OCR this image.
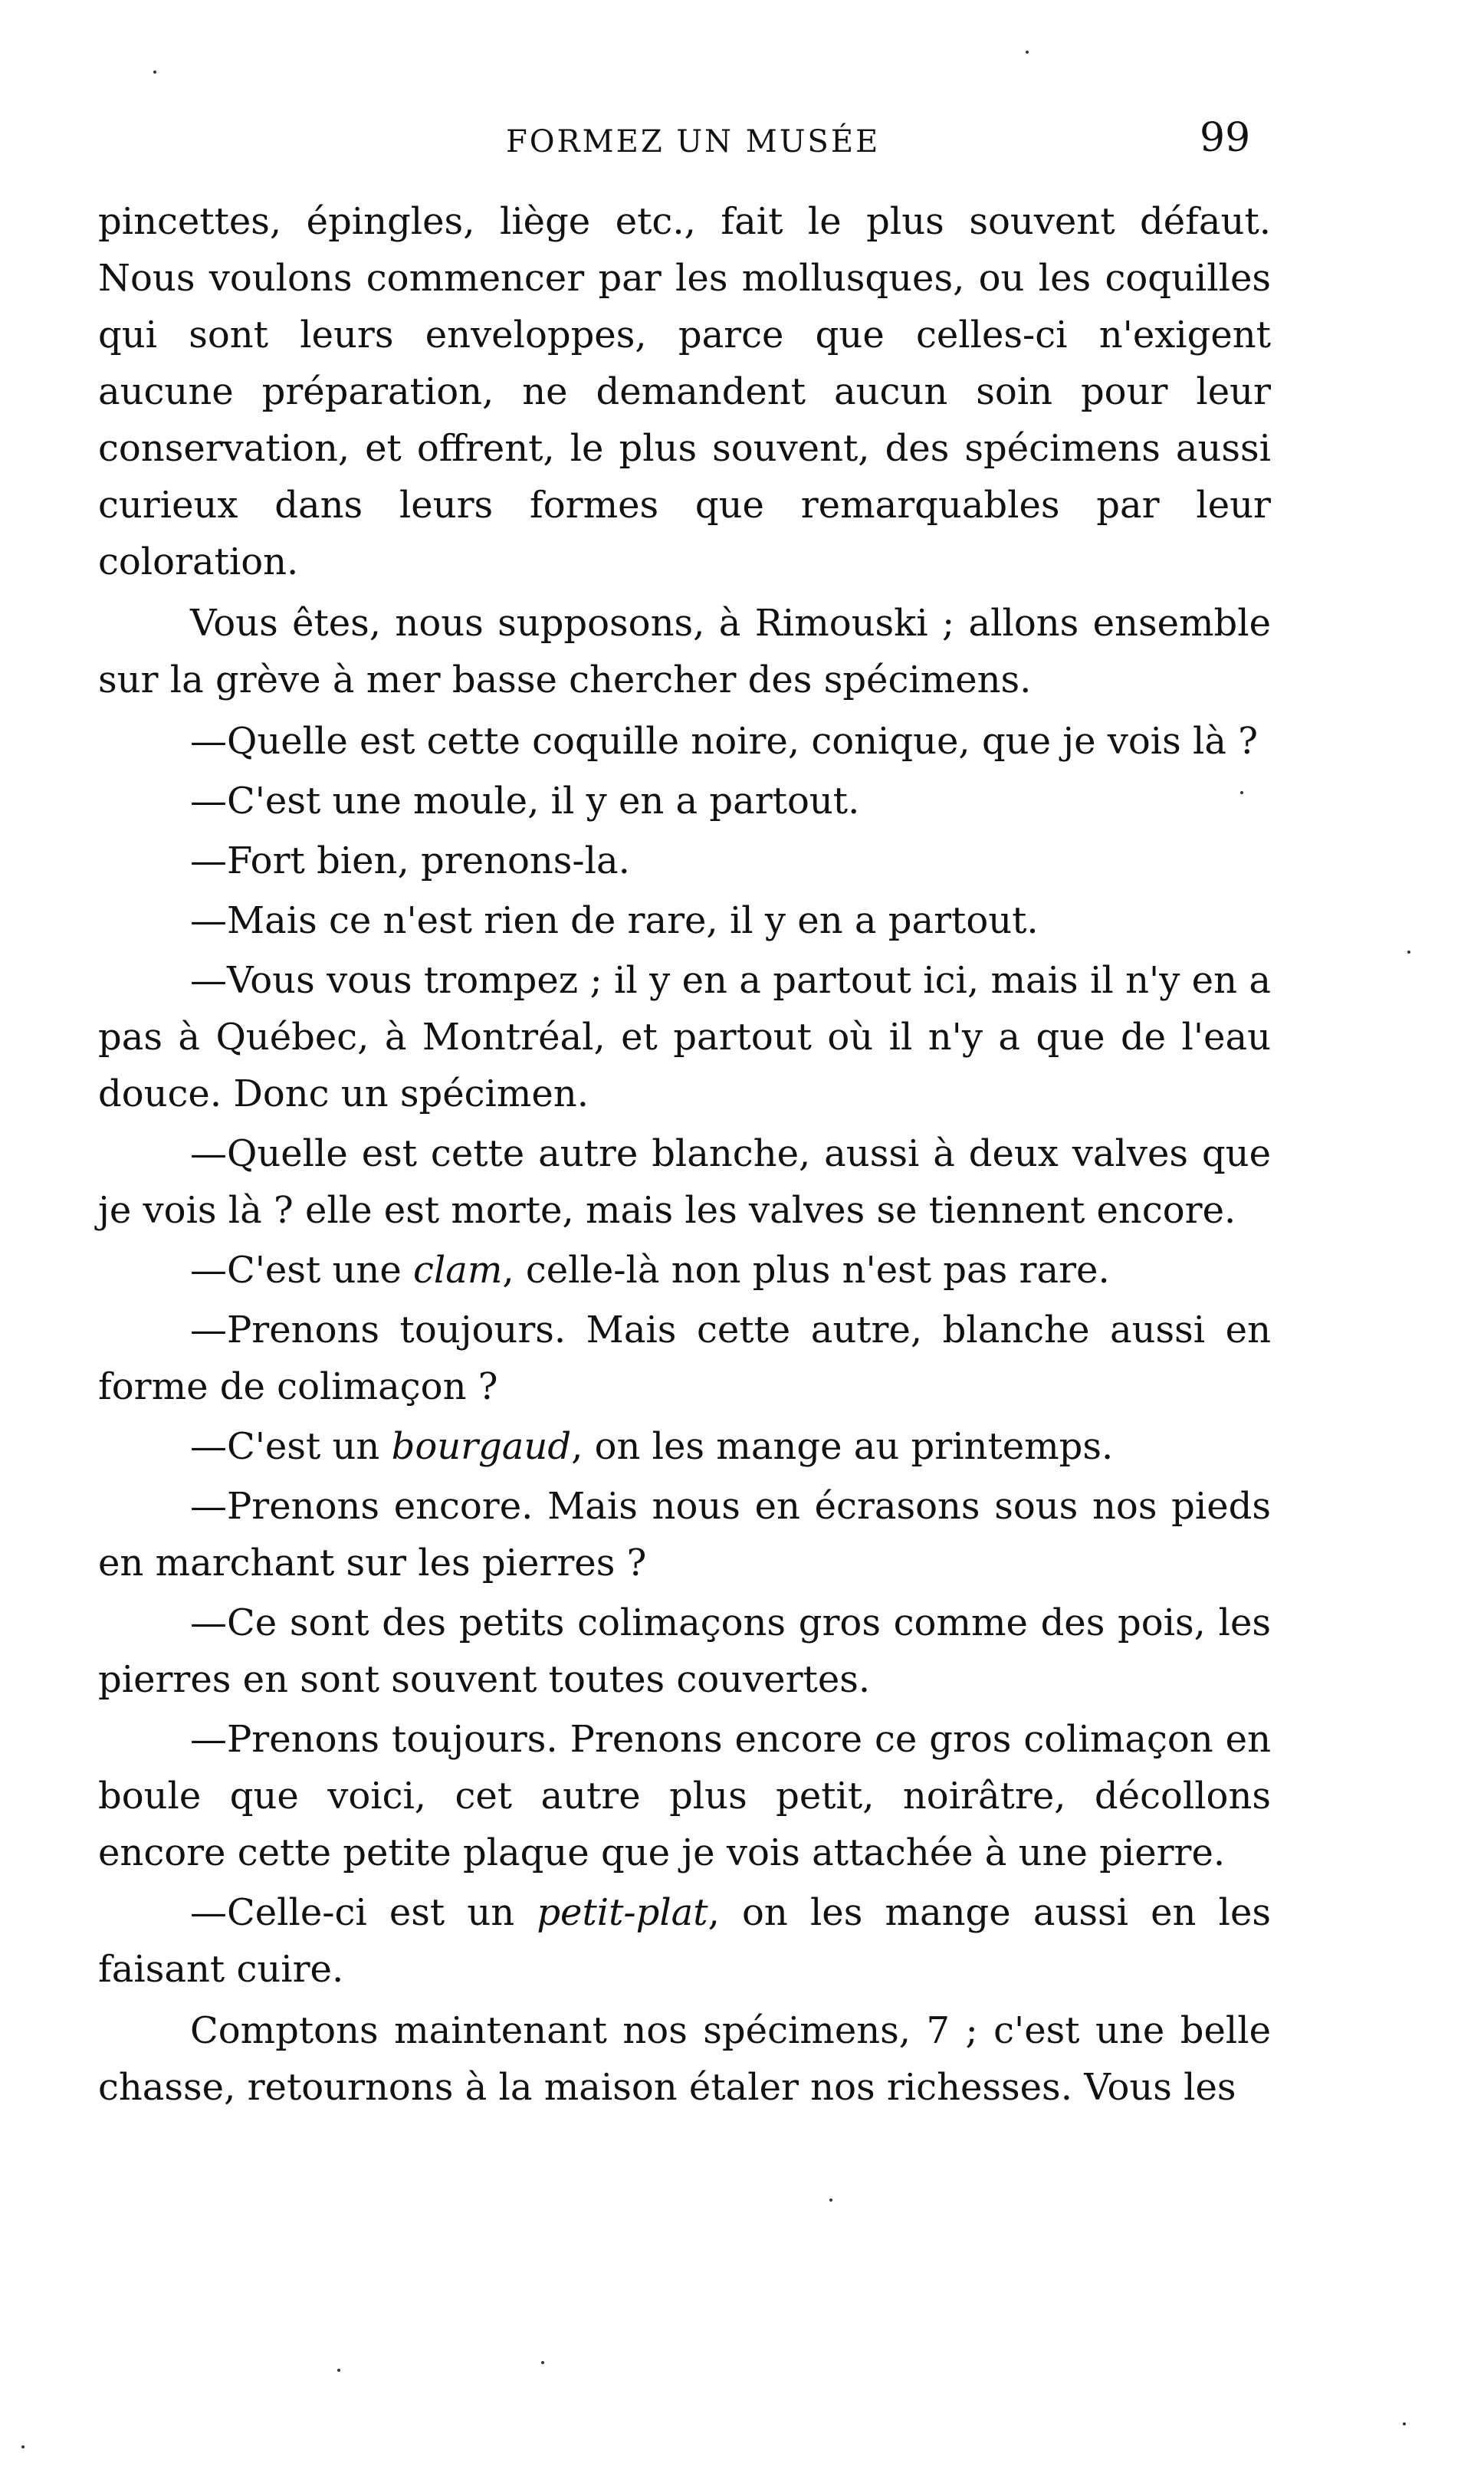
FORMEZ UN MUSÉE	99

pincettes, épingles, liège etc., fait le plus souvent défaut. Nous voulons commencer par les mollusques, ou les coquilles qui sont leurs enveloppes, parce que celles-ci n'exigent aucune préparation, ne demandent aucun soin pour leur conservation, et offrent, le plus souvent, des spécimens aussi curieux dans leurs formes que remarquables par leur coloration.

Vous êtes, nous supposons, à Rimouski ; allons ensemble sur la grève à mer basse chercher des spécimens.

—Quelle est cette coquille noire, conique, que je vois là ?

—C'est une moule, il y en a partout.

—Fort bien, prenons-la.

—Mais ce n'est rien de rare, il y en a partout.

—Vous vous trompez ; il y en a partout ici, mais il n'y en a pas à Québec, à Montréal, et partout où il n'y a que de l'eau douce. Donc un spécimen.

—Quelle est cette autre blanche, aussi à deux valves que je vois là ? elle est morte, mais les valves se tiennent encore.

—C'est une clam, celle-là non plus n'est pas rare.

—Prenons toujours. Mais cette autre, blanche aussi en forme de colimaçon ?

—C'est un bourgaud, on les mange au printemps.

—Prenons encore. Mais nous en écrasons sous nos pieds en marchant sur les pierres ?

—Ce sont des petits colimaçons gros comme des pois, les pierres en sont souvent toutes couvertes.

—Prenons toujours. Prenons encore ce gros colimaçon en boule que voici, cet autre plus petit, noirâtre, décollons encore cette petite plaque que je vois attachée à une pierre.

—Celle-ci est un petit-plat, on les mange aussi en les faisant cuire.

Comptons maintenant nos spécimens, 7 ; c'est une belle chasse, retournons à la maison étaler nos richesses. Vous les
